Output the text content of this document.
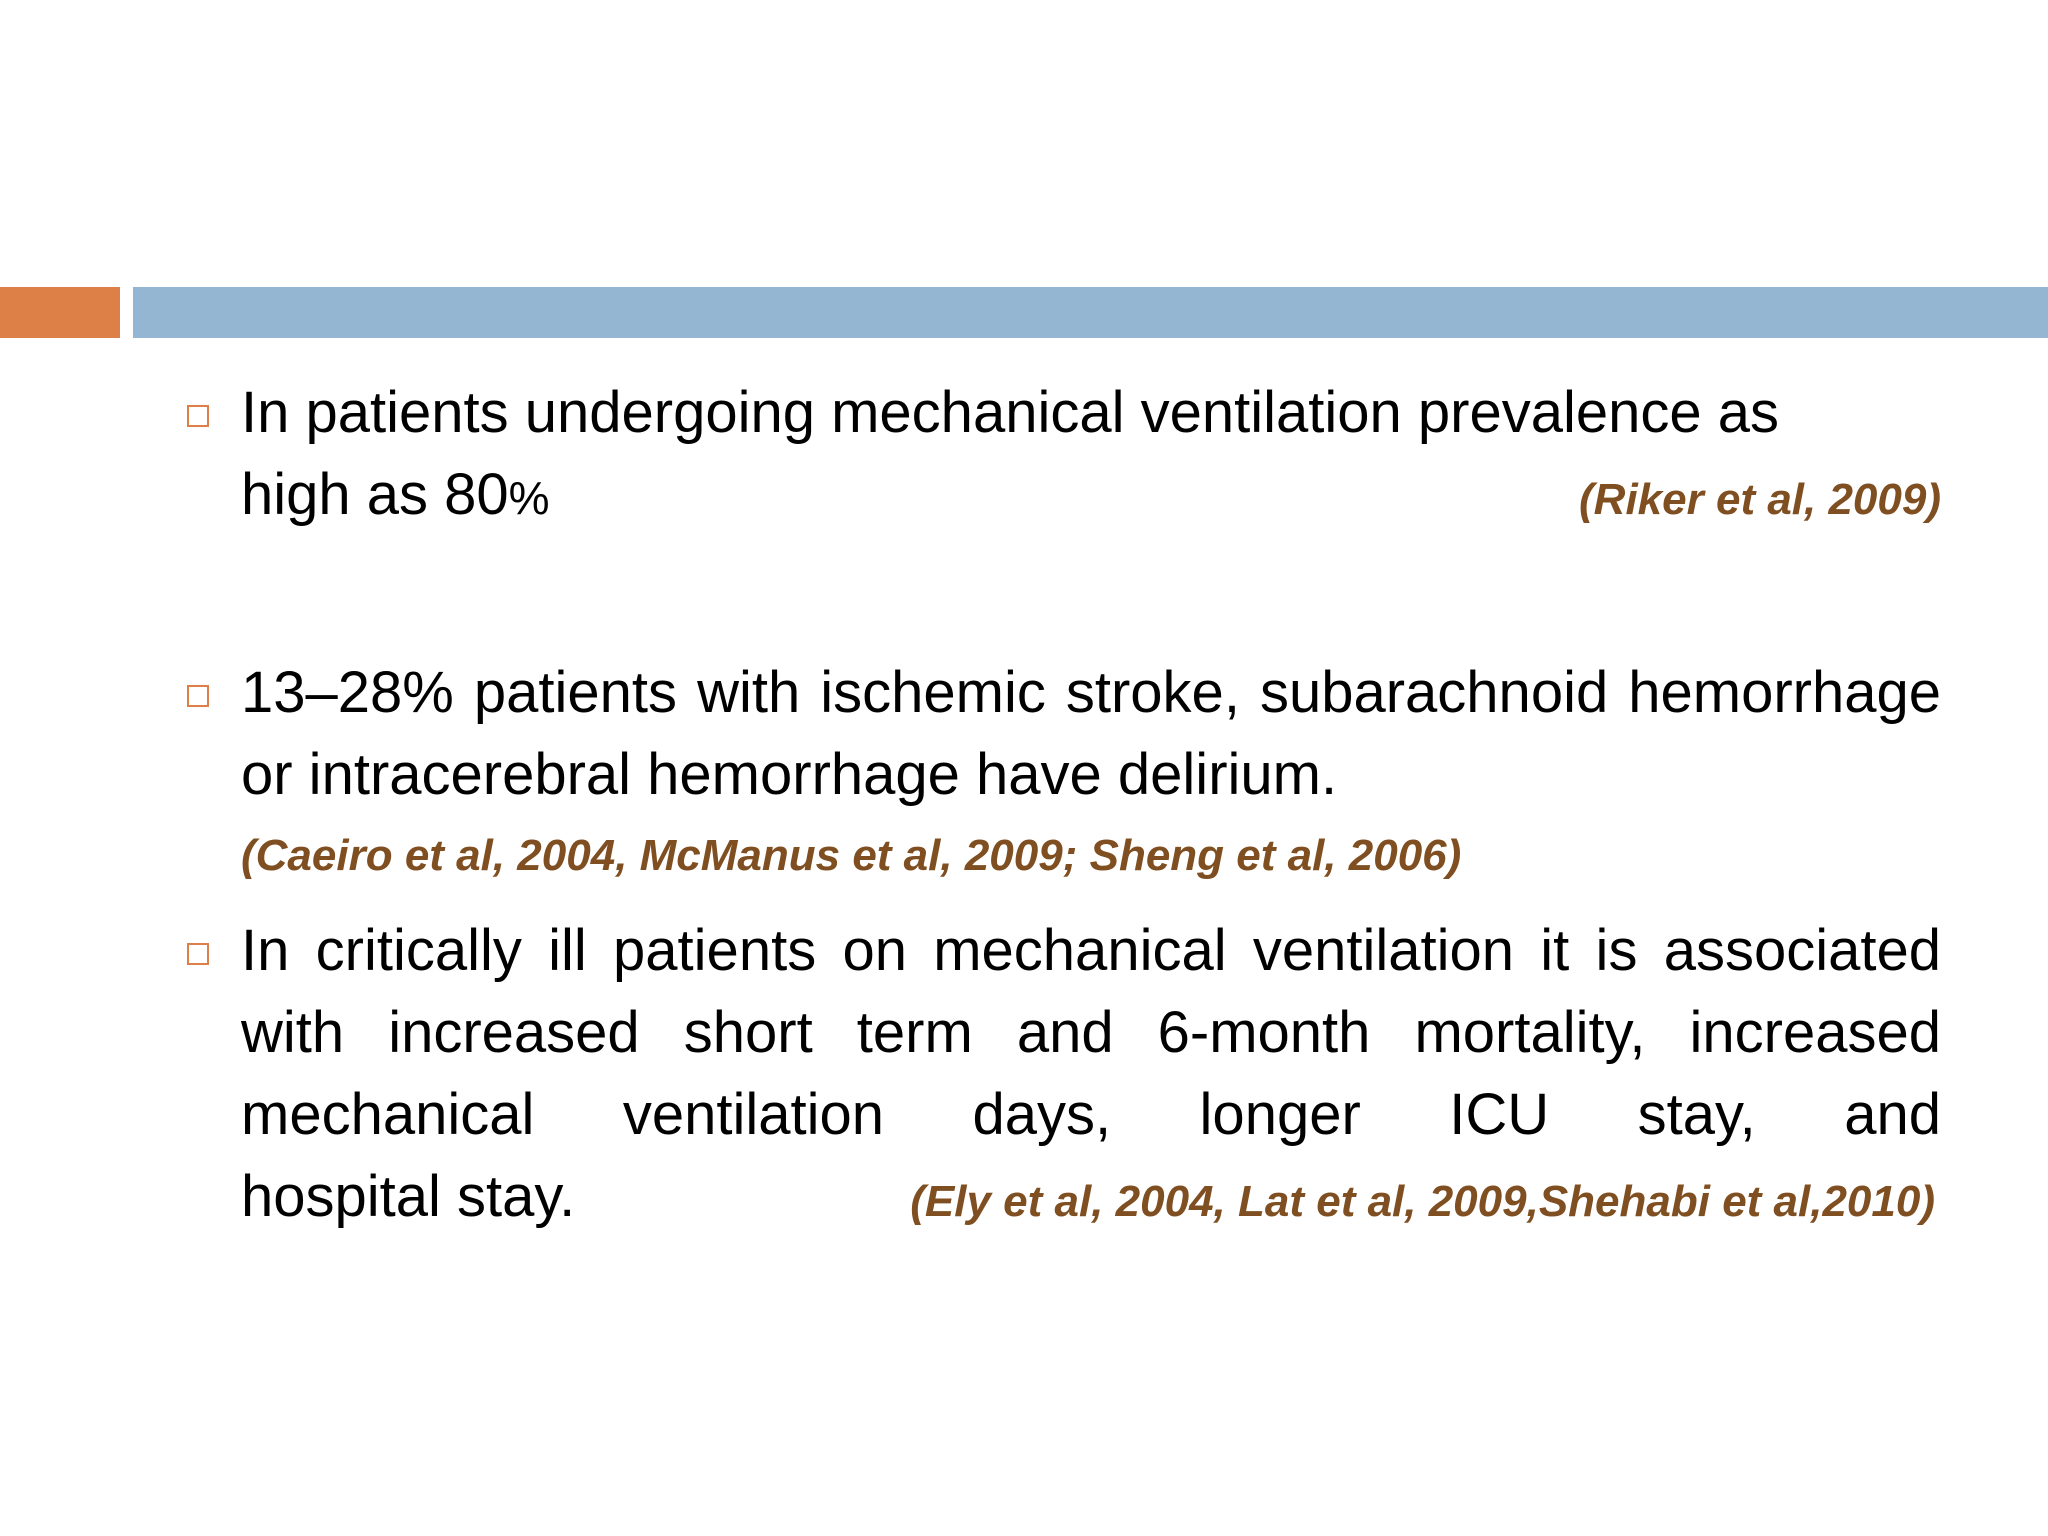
In patients undergoing mechanical ventilation prevalence as
high as 80%	(Riker et al, 2009)
13–28% patients with ischemic stroke, subarachnoid hemorrhage or intracerebral hemorrhage have delirium.
(Caeiro et al, 2004, McManus et al, 2009; Sheng et al, 2006)
In critically ill patients on mechanical ventilation it is associated with increased short term and 6-month mortality, increased mechanical ventilation days, longer ICU stay, and
hospital stay.	(Ely et al, 2004, Lat et al, 2009,Shehabi et al,2010)
